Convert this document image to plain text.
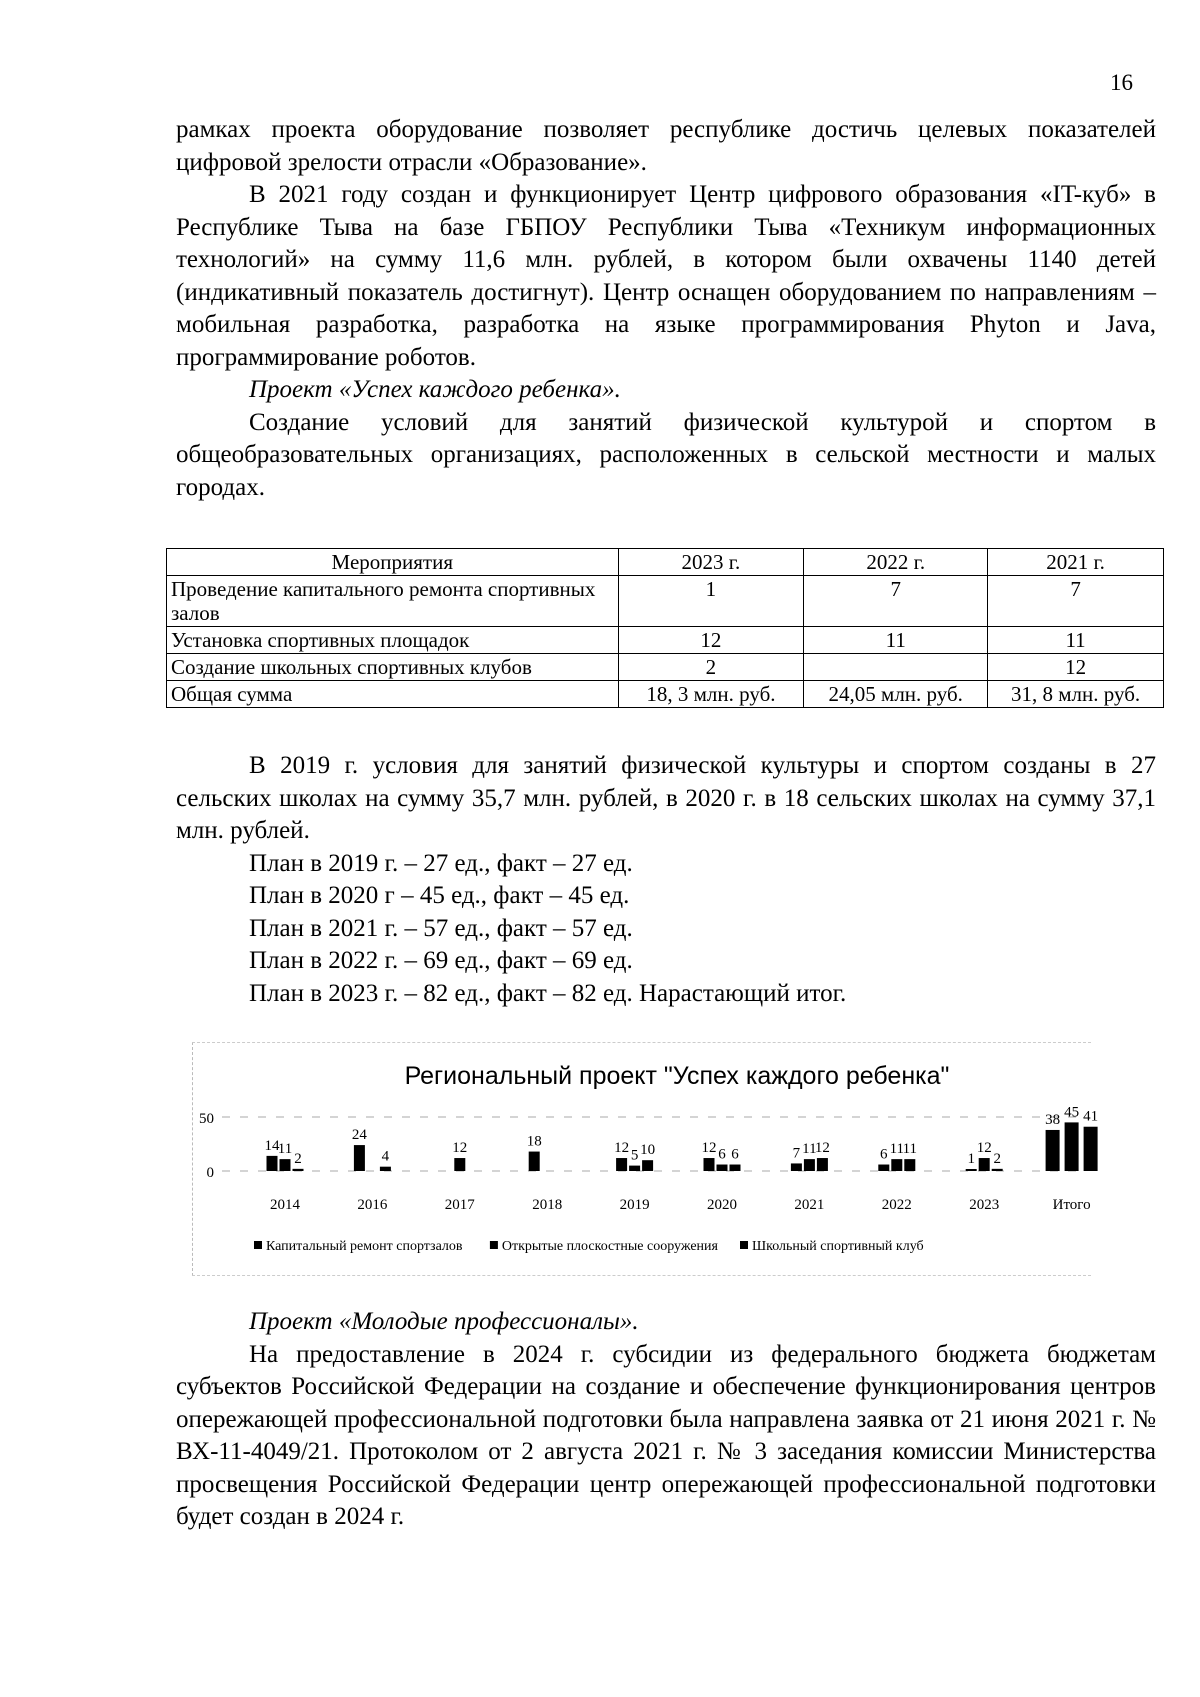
16

рамках проекта оборудование позволяет республике достичь целевых показателей цифровой зрелости отрасли «Образование».

В 2021 году создан и функционирует Центр цифрового образования «IT-куб» в Республике Тыва на базе ГБПОУ Республики Тыва «Техникум информационных технологий» на сумму 11,6 млн. рублей, в котором были охвачены 1140 детей (индикативный показатель достигнут). Центр оснащен оборудованием по направлениям – мобильная разработка, разработка на языке программирования Phyton и Java, программирование роботов.

Проект «Успех каждого ребенка».

Создание условий для занятий физической культурой и спортом в общеобразовательных организациях, расположенных в сельской местности и малых городах.

Мероприятия	2023 г.	2022 г.	2021 г.
Проведение капитального ремонта спортивных залов	1	7	7
Установка спортивных площадок	12	11	11
Создание школьных спортивных клубов	2		12
Общая сумма	18, 3 млн. руб.	24,05 млн. руб.	31, 8 млн. руб.

В 2019 г. условия для занятий физической культуры и спортом созданы в 27 сельских школах на сумму 35,7 млн. рублей, в 2020 г. в 18 сельских школах на сумму 37,1 млн. рублей.

План в 2019 г. – 27 ед., факт – 27 ед.

План в 2020 г – 45 ед., факт – 45 ед.

План в 2021 г. – 57 ед., факт – 57 ед.

План в 2022 г. – 69 ед., факт – 69 ед.

План в 2023 г. – 82 ед., факт – 82 ед. Нарастающий итог.

Региональный проект "Успех каждого ребенка"
0
50
14
11
2
2014
24
4
2016
12
2017
18
2018
12 5 10
2019
12 6 6
2020
7 11
12
2021
6 11
11
2022
1
12
2
2023
38 45 41
Итого
Капитальный ремонт спортзалов	Открытые плоскостные сооружения Школьный спортивный клуб

Проект «Молодые профессионалы».

На предоставление в 2024 г. субсидии из федерального бюджета бюджетам субъектов Российской Федерации на создание и обеспечение функционирования центров опережающей профессиональной подготовки была направлена заявка от 21 июня 2021 г. № ВХ-11-4049/21. Протоколом от 2 августа 2021 г. № 3 заседания комиссии Министерства просвещения Российской Федерации центр опережающей профессиональной подготовки будет создан в 2024 г.
